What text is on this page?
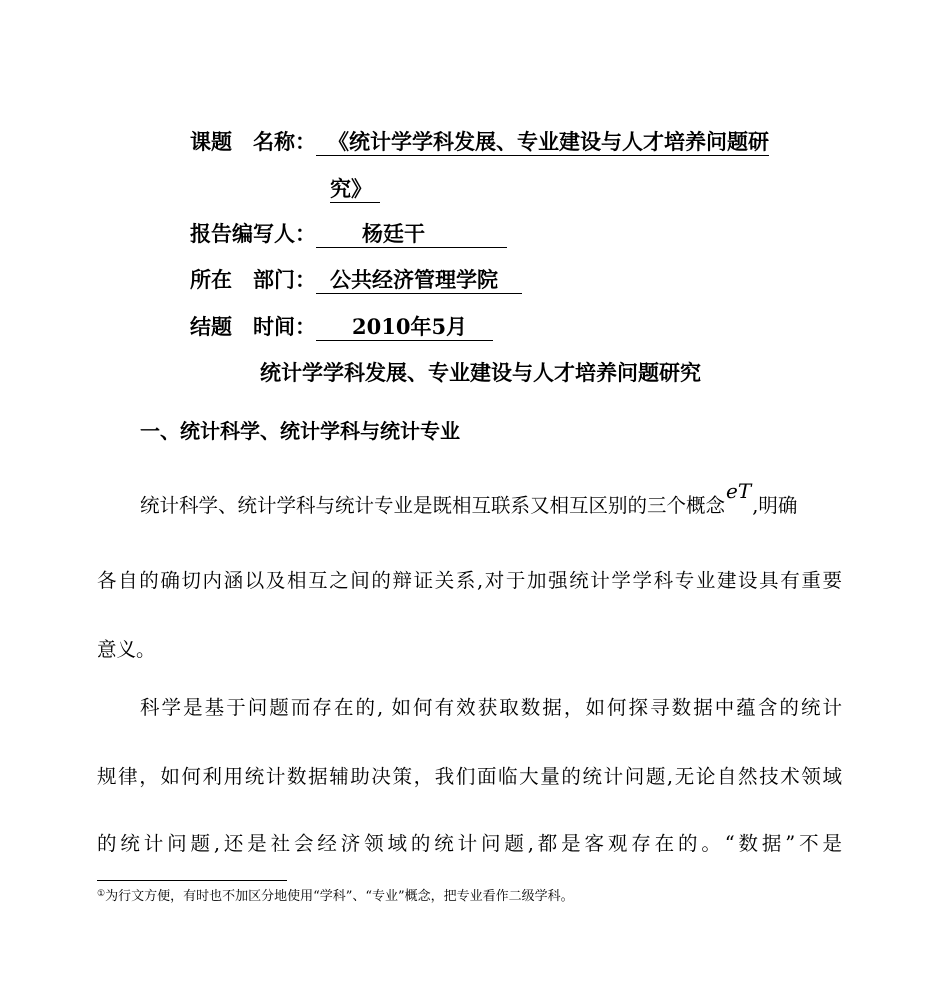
课题　名称： 《统计学学科发展、专业建设与人才培养问题研
究》
报告编写人： 杨廷干
所在　部门： 公共经济管理学院
结题　时间： 2010年5月
统计学学科发展、专业建设与人才培养问题研究
一、统计科学、统计学科与统计专业
统计科学、统计学科与统计专业是既相互联系又相互区别的三个概念eT,明确
各自的确切内涵以及相互之间的辩证关系,对于加强统计学学科专业建设具有重要
意义。
科学是基于问题而存在的, 如何有效获取数据，如何探寻数据中蕴含的统计
规律，如何利用统计数据辅助决策，我们面临大量的统计问题,无论自然技术领域
的统计问题,还是社会经济领域的统计问题,都是客观存在的。“数据”不是
①为行文方便，有时也不加区分地使用“学科”、“专业”概念，把专业看作二级学科。
